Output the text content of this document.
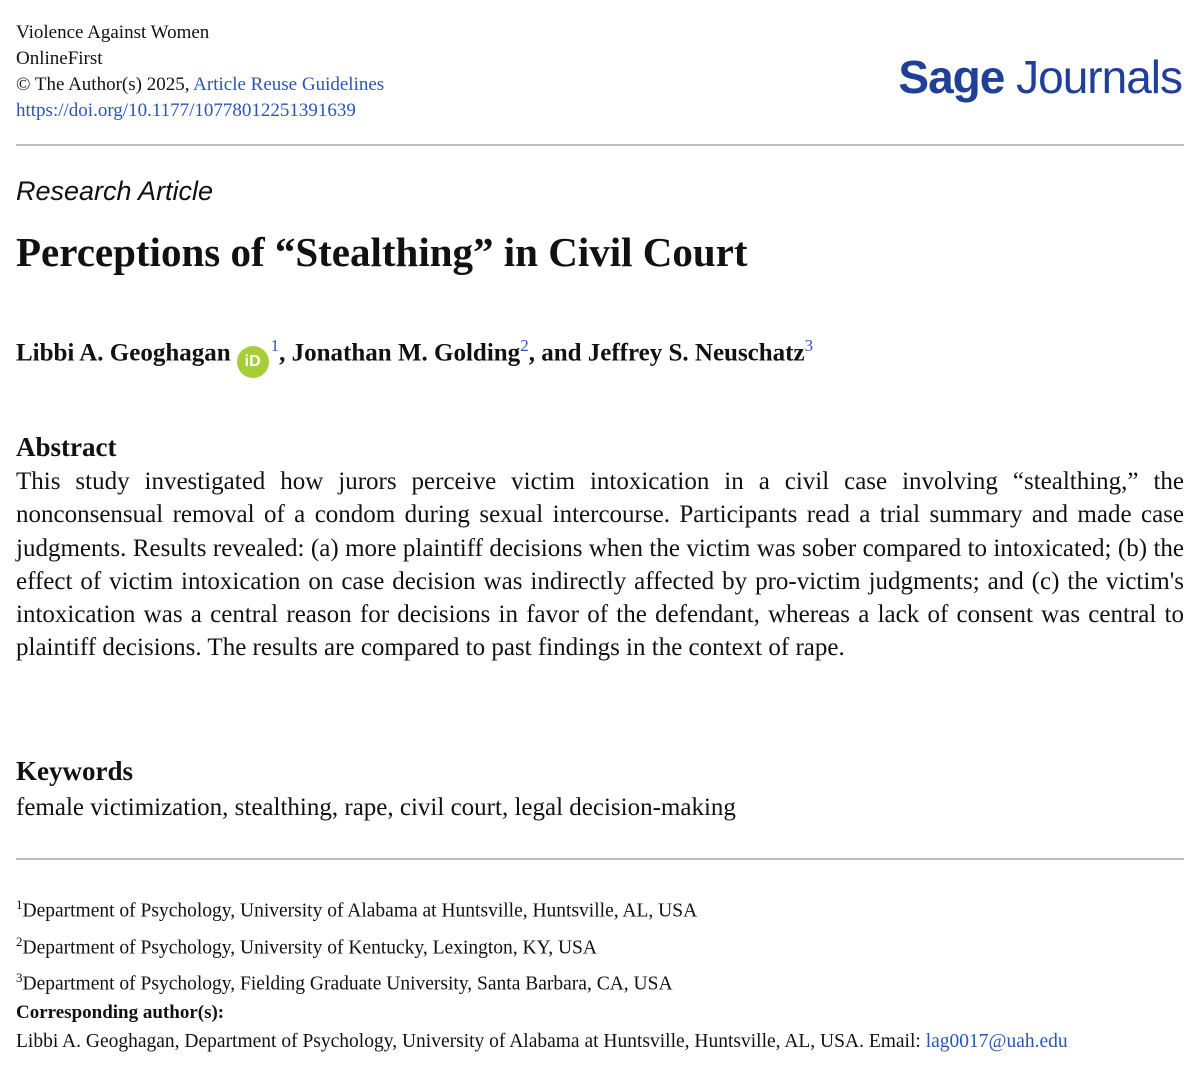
Violence Against Women
OnlineFirst
© The Author(s) 2025, Article Reuse Guidelines
https://doi.org/10.1177/10778012251391639
Sage Journals
Research Article
Perceptions of “Stealthing” in Civil Court
Libbi A. Geoghagan $iD^1$, Jonathan M. Golding$^2$, and Jeffrey S. Neuschatz$^3$
Abstract
This study investigated how jurors perceive victim intoxication in a civil case involving “stealthing,” the nonconsensual removal of a condom during sexual intercourse. Participants read a trial summary and made case judgments. Results revealed: (a) more plaintiff decisions when the victim was sober compared to intoxicated; (b) the effect of victim intoxication on case decision was indirectly affected by pro-victim judgments; and (c) the victim's intoxication was a central reason for decisions in favor of the defendant, whereas a lack of consent was central to plaintiff decisions. The results are compared to past findings in the context of rape.
Keywords
female victimization, stealthing, rape, civil court, legal decision-making
$^1$Department of Psychology, University of Alabama at Huntsville, Huntsville, AL, USA
$^2$Department of Psychology, University of Kentucky, Lexington, KY, USA
$^3$Department of Psychology, Fielding Graduate University, Santa Barbara, CA, USA
Corresponding author(s):
Libbi A. Geoghagan, Department of Psychology, University of Alabama at Huntsville, Huntsville, AL, USA. Email: lag0017@uah.edu
